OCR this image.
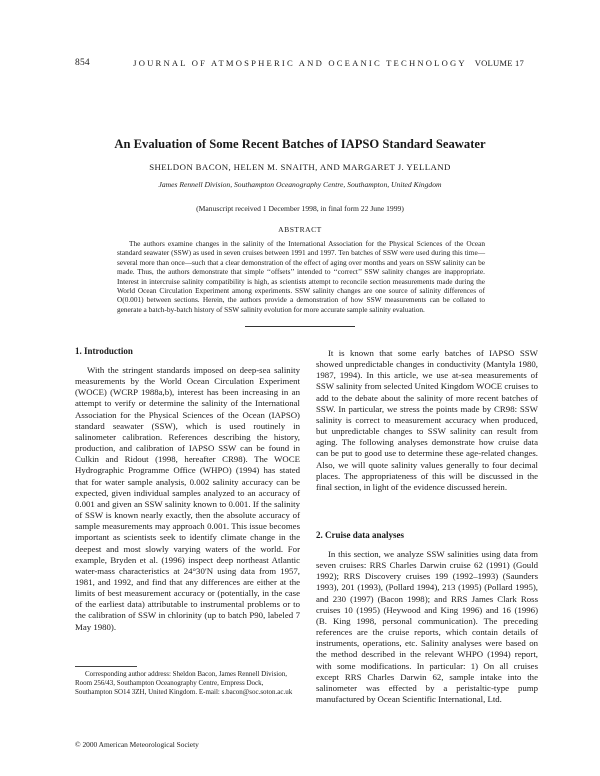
854	JOURNAL OF ATMOSPHERIC AND OCEANIC TECHNOLOGY VOLUME 17
An Evaluation of Some Recent Batches of IAPSO Standard Seawater
SHELDON BACON, HELEN M. SNAITH, AND MARGARET J. YELLAND
James Rennell Division, Southampton Oceanography Centre, Southampton, United Kingdom
(Manuscript received 1 December 1998, in final form 22 June 1999)
ABSTRACT

The authors examine changes in the salinity of the International Association for the Physical Sciences of the Ocean standard seawater (SSW) as used in seven cruises between 1991 and 1997. Ten batches of SSW were used during this time—several more than once—such that a clear demonstration of the effect of aging over months and years on SSW salinity can be made. Thus, the authors demonstrate that simple ‘‘offsets’’ intended to ‘‘correct’’ SSW salinity changes are inappropriate. Interest in intercruise salinity compatibility is high, as scientists attempt to reconcile section measurements made during the World Ocean Circulation Experiment among experiments. SSW salinity changes are one source of salinity differences of O(0.001) between sections. Herein, the authors provide a demonstration of how SSW measurements can be collated to generate a batch-by-batch history of SSW salinity evolution for more accurate sample salinity evaluation.

1. Introduction

With the stringent standards imposed on deep-sea salinity measurements by the World Ocean Circulation Experiment (WOCE) (WCRP 1988a,b), interest has been increasing in an attempt to verify or determine the salinity of the International Association for the Physical Sciences of the Ocean (IAPSO) standard seawater (SSW), which is used routinely in salinometer calibration. References describing the history, production, and calibration of IAPSO SSW can be found in Culkin and Ridout (1998, hereafter CR98). The WOCE Hydrographic Programme Office (WHPO) (1994) has stated that for water sample analysis, 0.002 salinity accuracy can be expected, given individual samples analyzed to an accuracy of 0.001 and given an SSW salinity known to 0.001. If the salinity of SSW is known nearly exactly, then the absolute accuracy of sample measurements may approach 0.001. This issue becomes important as scientists seek to identify climate change in the deepest and most slowly varying waters of the world. For example, Bryden et al. (1996) inspect deep northeast Atlantic water-mass characteristics at 24°30′N using data from 1957, 1981, and 1992, and find that any differences are either at the limits of best measurement accuracy or (potentially, in the case of the earliest data) attributable to instrumental problems or to the calibration of SSW in chlorinity (up to batch P90, labeled 7 May 1980).

It is known that some early batches of IAPSO SSW showed unpredictable changes in conductivity (Mantyla 1980, 1987, 1994). In this article, we use at-sea measurements of SSW salinity from selected United Kingdom WOCE cruises to add to the debate about the salinity of more recent batches of SSW. In particular, we stress the points made by CR98: SSW salinity is correct to measurement accuracy when produced, but unpredictable changes to SSW salinity can result from aging. The following analyses demonstrate how cruise data can be put to good use to determine these age-related changes. Also, we will quote salinity values generally to four decimal places. The appropriateness of this will be discussed in the final section, in light of the evidence discussed herein.

2. Cruise data analyses

In this section, we analyze SSW salinities using data from seven cruises: RRS Charles Darwin cruise 62 (1991) (Gould 1992); RRS Discovery cruises 199 (1992–1993) (Saunders 1993), 201 (1993), (Pollard 1994), 213 (1995) (Pollard 1995), and 230 (1997) (Bacon 1998); and RRS James Clark Ross cruises 10 (1995) (Heywood and King 1996) and 16 (1996) (B. King 1998, personal communication). The preceding references are the cruise reports, which contain details of instruments, operations, etc. Salinity analyses were based on the method described in the relevant WHPO (1994) report, with some modifications. In particular: 1) On all cruises except RRS Charles Darwin 62, sample intake into the salinometer was effected by a peristaltic-type pump manufactured by Ocean Scientific International, Ltd.

Corresponding author address: Sheldon Bacon, James Rennell Division, Room 256/43, Southampton Oceanography Centre, Empress Dock, Southampton SO14 3ZH, United Kingdom. E-mail: s.bacon@soc.soton.ac.uk

© 2000 American Meteorological Society
